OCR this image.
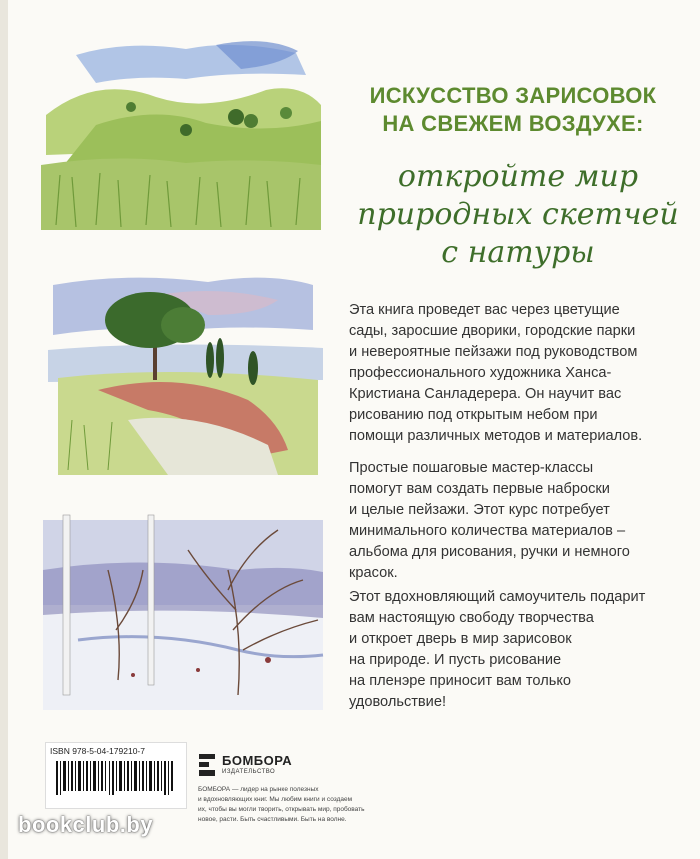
ИСКУССТВО ЗАРИСОВОК
НА СВЕЖЕМ ВОЗДУХЕ:
откройте мир
природных скетчей
с натуры
Эта книга проведет вас через цветущие
сады, заросшие дворики, городские парки
и невероятные пейзажи под руководством
профессионального художника Ханса-
Кристиана Санладерера. Он научит вас
рисованию под открытым небом при
помощи различных методов и материалов.
Простые пошаговые мастер-классы
помогут вам создать первые наброски
и целые пейзажи. Этот курс потребует
минимального количества материалов –
альбома для рисования, ручки и немного
красок.
Этот вдохновляющий самоучитель подарит
вам настоящую свободу творчества
и откроет дверь в мир зарисовок
на природе. И пусть рисование
на пленэре приносит вам только
удовольствие!
ISBN 978-5-04-179210-7
БОМБОРА
ИЗДАТЕЛЬСТВО
БОМБОРА — лидер на рынке полезных
и вдохновляющих книг. Мы любим книги и создаем
их, чтобы вы могли творить, открывать мир, пробовать
новое, расти. Быть счастливыми. Быть на волне.
bookclub.by
